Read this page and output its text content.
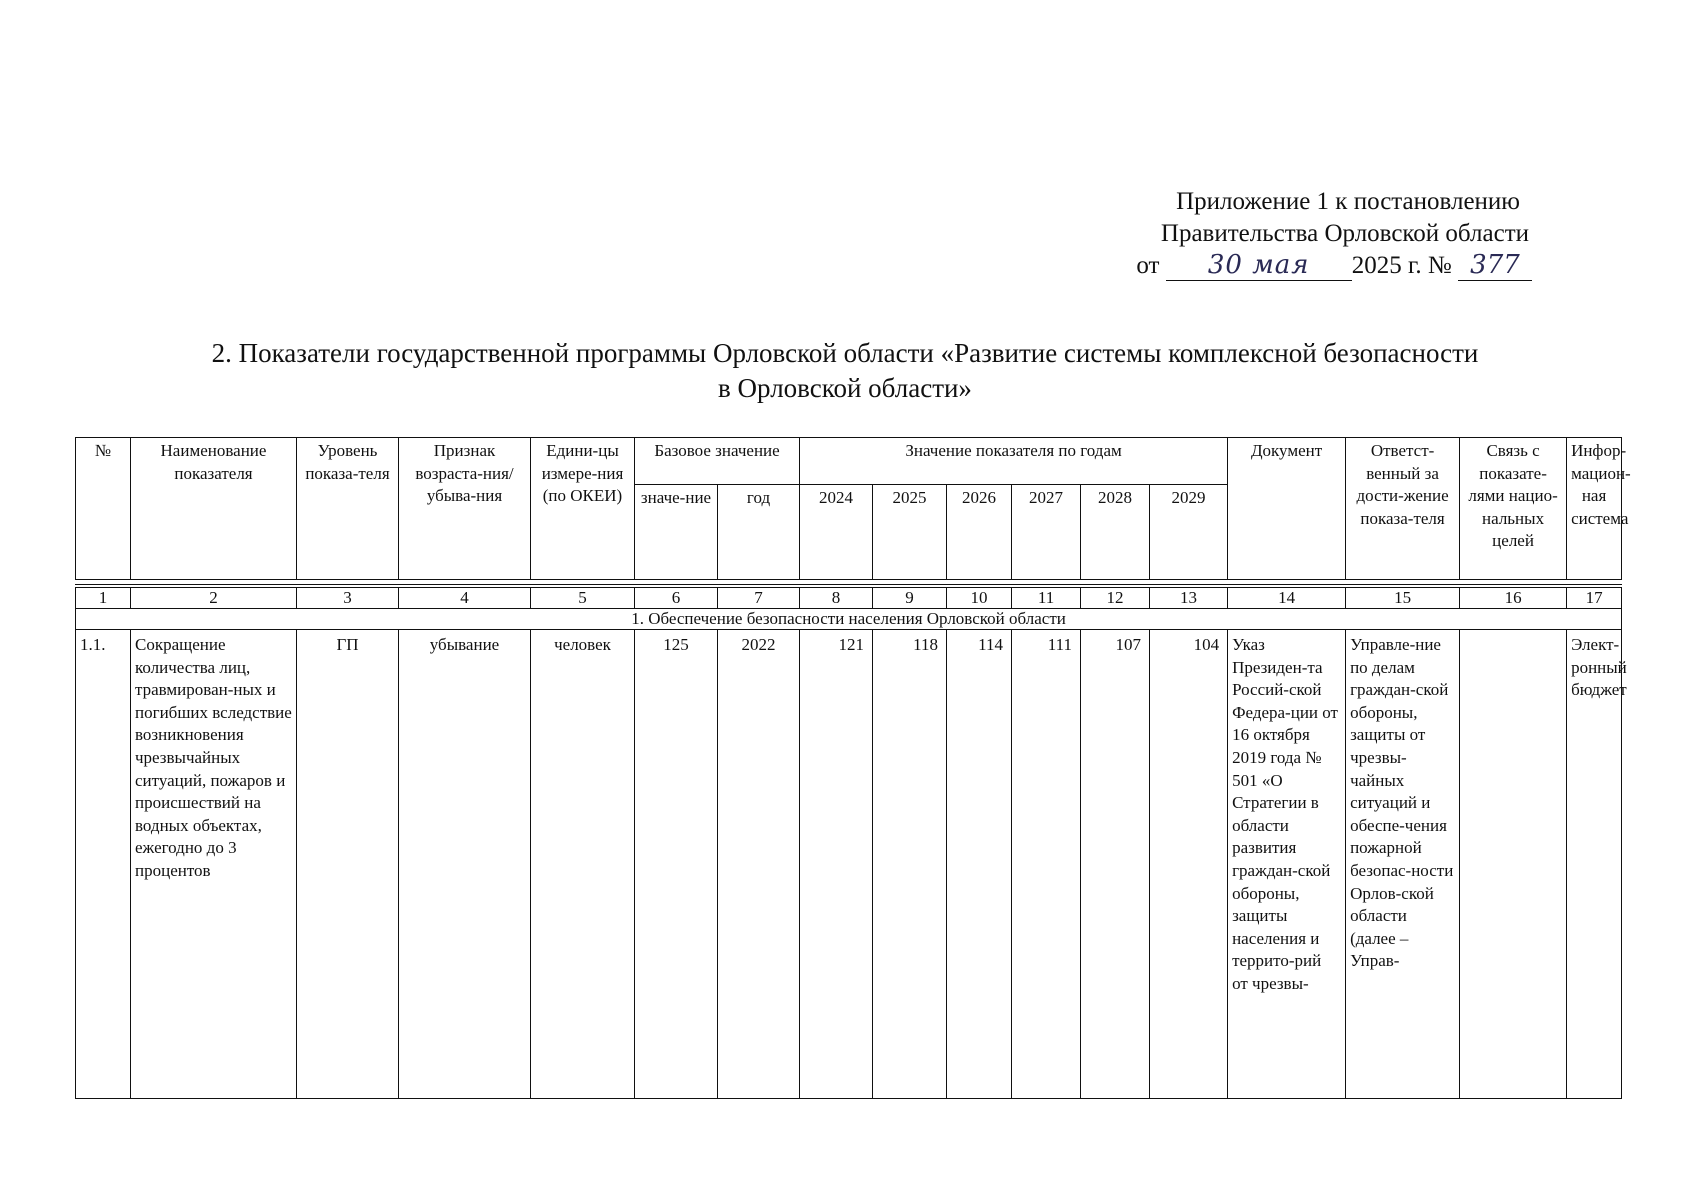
Приложение 1 к постановлению
Правительства Орловской области
от 30 мая 2025 г. № 377
2. Показатели государственной программы Орловской области «Развитие системы комплексной безопасности
в Орловской области»
№	Наименование показателя	Уровень показа-теля	Признак возраста-ния/убыва-ния	Едини-цы измере-ния (по ОКЕИ)	Базовое значение		Значение показателя по годам						Документ	Ответст-венный за дости-жение показа-теля	Связь с показате-лями нацио-нальных целей	Инфор-мацион-ная система
					значе-ние	год	2024	2025	2026	2027	2028	2029				

1	2	3	4	5	6	7	8	9	10	11	12	13	14	15	16	17
1. Обеспечение безопасности населения Орловской области																
1.1.	Сокращение количества лиц, травмирован-ных и погибших вследствие возникновения чрезвычайных ситуаций, пожаров и происшествий на водных объектах, ежегодно до 3 процентов	ГП	убывание	человек	125	2022	121	118	114	111	107	104	Указ Президен-та Россий-ской Федера-ции от 16 октября 2019 года № 501 «О Стратегии в области развития граждан-ской обороны, защиты населения и террито-рий от чрезвы-	Управле-ние по делам граждан-ской обороны, защиты от чрезвы-чайных ситуаций и обеспе-чения пожарной безопас-ности Орлов-ской области (далее – Управ-		Элект-ронный бюджет
